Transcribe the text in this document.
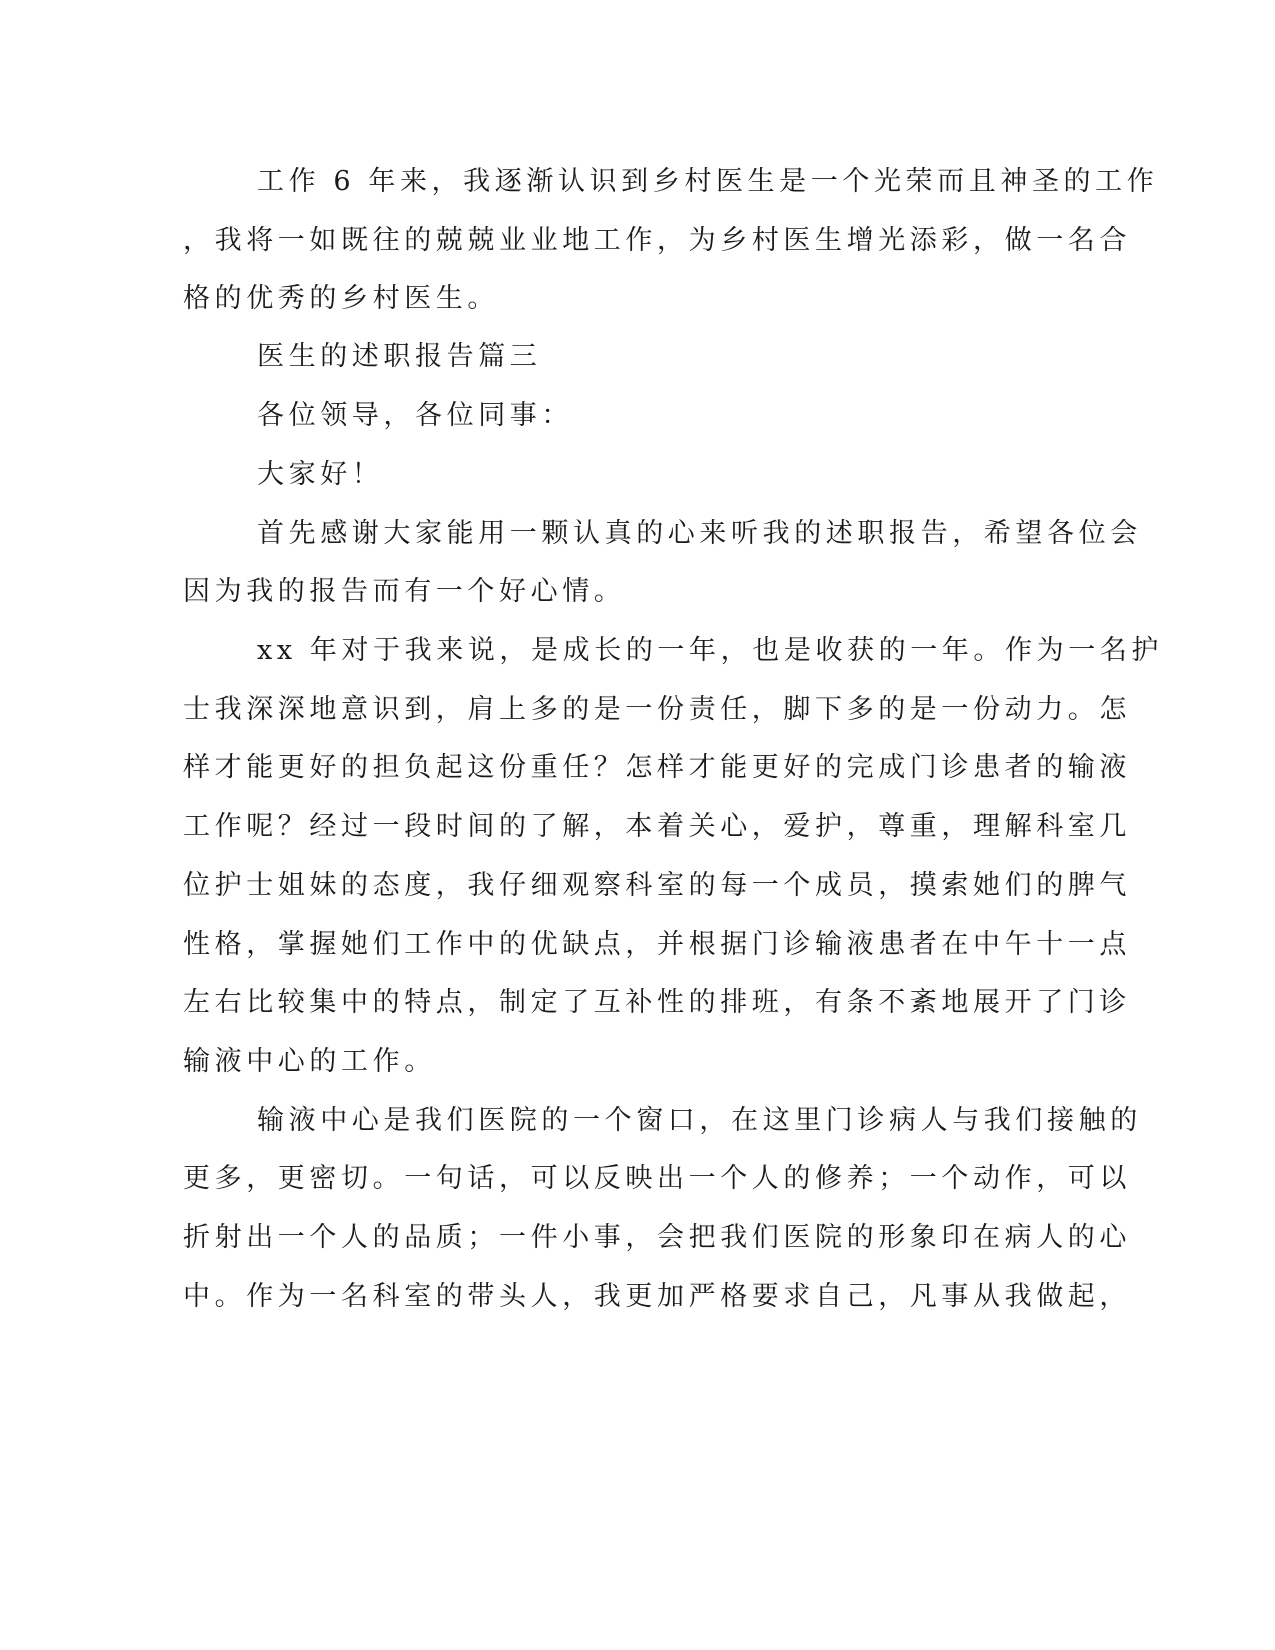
工作 6 年来，我逐渐认识到乡村医生是一个光荣而且神圣的工作
，我将一如既往的兢兢业业地工作，为乡村医生增光添彩，做一名合
格的优秀的乡村医生。
医生的述职报告篇三
各位领导，各位同事：
大家好！
首先感谢大家能用一颗认真的心来听我的述职报告，希望各位会
因为我的报告而有一个好心情。
xx 年对于我来说，是成长的一年，也是收获的一年。作为一名护
士我深深地意识到，肩上多的是一份责任，脚下多的是一份动力。怎
样才能更好的担负起这份重任？怎样才能更好的完成门诊患者的输液
工作呢？经过一段时间的了解，本着关心，爱护，尊重，理解科室几
位护士姐妹的态度，我仔细观察科室的每一个成员，摸索她们的脾气
性格，掌握她们工作中的优缺点，并根据门诊输液患者在中午十一点
左右比较集中的特点，制定了互补性的排班，有条不紊地展开了门诊
输液中心的工作。
输液中心是我们医院的一个窗口，在这里门诊病人与我们接触的
更多，更密切。一句话，可以反映出一个人的修养；一个动作，可以
折射出一个人的品质；一件小事，会把我们医院的形象印在病人的心
中。作为一名科室的带头人，我更加严格要求自己，凡事从我做起，
